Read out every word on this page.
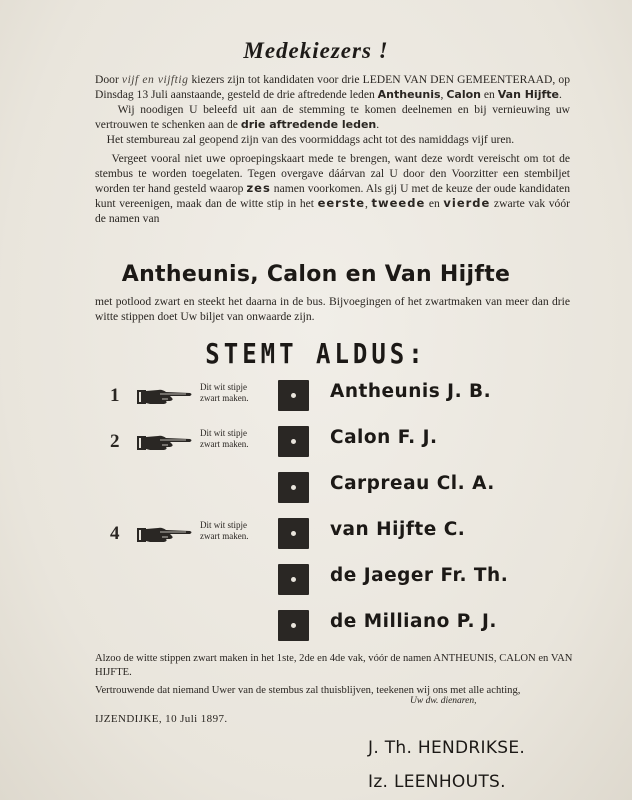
Medekiezers !

Door vijf en vijftig kiezers zijn tot kandidaten voor drie LEDEN VAN DEN GEMEENTERAAD, op Dinsdag 13 Juli aanstaande, gesteld de drie aftredende leden Antheunis, Calon en Van Hijfte.

Wij noodigen U beleefd uit aan de stemming te komen deelnemen en bij vernieuwing uw vertrouwen te schenken aan de drie aftredende leden.

Het stembureau zal geopend zijn van des voormiddags acht tot des namiddags vijf uren.

Vergeet vooral niet uwe oproepingskaart mede te brengen, want deze wordt vereischt om tot de stembus te worden toegelaten. Tegen overgave dáárvan zal U door den Voorzitter een stembiljet worden ter hand gesteld waarop zes namen voorkomen. Als gij U met de keuze der oude kandidaten kunt vereenigen, maak dan de witte stip in het eerste, tweede en vierde zwarte vak vóór de namen van

Antheunis, Calon en Van Hijfte
met potlood zwart en steekt het daarna in de bus. Bijvoegingen of het zwartmaken van meer dan drie witte stippen doet Uw biljet van onwaarde zijn.
STEMT ALDUS:
1	Dit wit stipje
zwart maken.	Antheunis J. B.
2	Dit wit stipje
zwart maken.	Calon F. J.
Carpreau Cl. A.
4	Dit wit stipje
zwart maken.	van Hijfte C.
de Jaeger Fr. Th.
de Milliano P. J.

Alzoo de witte stippen zwart maken in het 1ste, 2de en 4de vak, vóór de namen ANTHEUNIS, CALON en VAN HIJFTE.

Vertrouwende dat niemand Uwer van de stembus zal thuisblijven, teekenen wij ons met alle achting,

Uw dw. dienaren,
IJZENDIJKE, 10 Juli 1897.
J. Th. HENDRIKSE.
Iz. LEENHOUTS.
